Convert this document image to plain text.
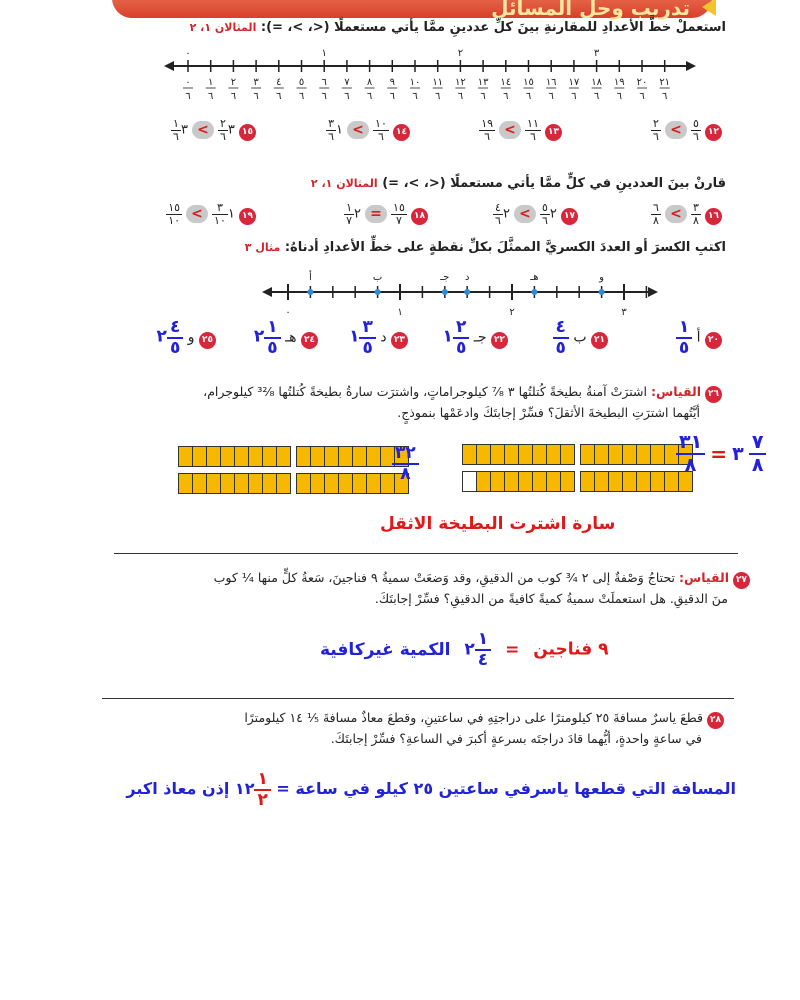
تدريب وحل المسائل
استعملْ خطَّ الأعدادِ للمقارنةِ بينَ كلِّ عددينِ ممَّا يأتي مستعملًا (<، >، =): المثالان ١، ٢
٠
٦
١
٦
٢
٦
٣
٦
٤
٦
٥
٦
٦
٦
٧
٦
٨
٦
٩
٦
١٠
٦
١١
٦
١٢
٦
١٣
٦
١٤
٦
١٥
٦
١٦
٦
١٧
٦
١٨
٦
١٩
٦
٢٠
٦
٢١
٦
٠	١	٢	٣
١٢
$\frac{٥}{٦}$
>
$\frac{٢}{٦}$
١٣
$\frac{١١}{٦}$
>
$\frac{١٩}{٦}$
١٤
$\frac{١٠}{٦}$
> ١
$\frac{٣}{٦}$
١٥ ٣
$\frac{٢}{٦}$
> ٣
$\frac{١}{٦}$
قارنْ بينَ العددينِ في كلٍّ ممَّا يأتي مستعملًا (<، >، =) المثالان ١، ٢
١٦
$\frac{٣}{٨}$
>
$\frac{٦}{٨}$
١٧ ٢
$\frac{٥}{٦}$
> ٢
$\frac{٤}{٦}$
١٨
$\frac{١٥}{٧}$
= ٢
$\frac{١}{٧}$
١٩ ١
$\frac{٣}{١٠}$
>
$\frac{١٥}{١٠}$
اكتبِ الكسرَ أو العددَ الكسريَّ الممثَّلَ بكلِّ نقطةٍ على خطِّ الأعدادِ أدناهُ: مثال ٣
٠	١	٢	٣
أ	ب	جـ د	هـ	و
٢٠ أ
١
٥
٢١ ب
٤
٥
٢٢ جـ
٢
٥
١
٢٣ د
٣
٥
١
٢٤ هـ
١
٥
٢
٢٥ و
٤
٥
٢
٢٦ القياس: اشترَتْ آمنةُ بطيخةً كُتلتُها ٣ ⁷⁄₈ كيلوجراماتٍ، واشترَت سارةُ بطيخةً كُتلتُها ³²⁄₈ كيلوجرام،
أيَّتُهما اشترَتِ البطيخةَ الأثقلَ؟ فسِّرْ إجابتَكَ وادعَمْها بنموذجٍ.
٣٢
٨
٣١
٨ = ٣
٧
٨
سارة اشترت البطيخة الاثقل
٢٧ القياس: تحتاجُ وَصْفةٌ إلى ٢ ³⁄₄ كوب من الدقيقِ، وقد وَضعَتْ سميةُ ٩ فناجينَ، سَعةُ كلٍّ منها ¹⁄₄ كوب
منَ الدقيقِ. هل استعملَتْ سميةُ كميةً كافيةً من الدقيقِ؟ فسِّرْ إجابتَكَ.
٩ فناجين =
١
٤
٢ الكمية غيركافية
٢٨ قطعَ ياسرٌ مسافةَ ٢٥ كيلومترًا على دراجتِهِ في ساعتينِ، وقطعَ معاذٌ مسافةَ ¹⁄₅ ١٤ كيلومترًا
في ساعةٍ واحدةٍ، أيُّهما قادَ دراجتَه بسرعةٍ أكبرَ في الساعةِ؟ فسِّرْ إجابتَكَ.
المسافة التي قطعها ياسرفي ساعتين ٢٥ كيلو في ساعة =
١
٢
١٢ إذن معاذ اكبر
